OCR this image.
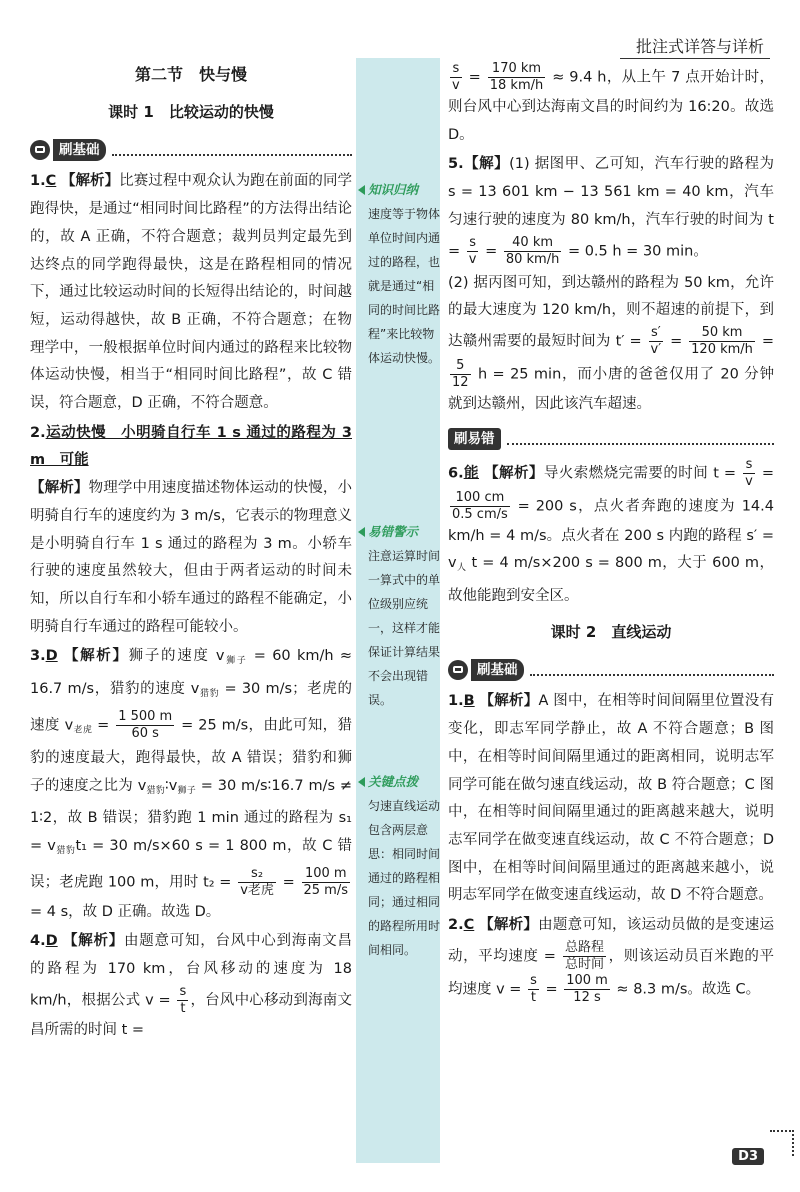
批注式详答与详析
第二节　快与慢
课时 1　比较运动的快慢
刷基础

1.C 【解析】比赛过程中观众认为跑在前面的同学跑得快，是通过“相同时间比路程”的方法得出结论的，故 A 正确，不符合题意；裁判员判定最先到达终点的同学跑得最快，这是在路程相同的情况下，通过比较运动时间的长短得出结论的，时间越短，运动得越快，故 B 正确，不符合题意；在物理学中，一般根据单位时间内通过的路程来比较物体运动快慢，相当于“相同时间比路程”，故 C 错误，符合题意，D 正确，不符合题意。

2.运动快慢　小明骑自行车 1 s 通过的路程为 3 m　可能
【解析】物理学中用速度描述物体运动的快慢，小明骑自行车的速度约为 3 m/s，它表示的物理意义是小明骑自行车 1 s 通过的路程为 3 m。小轿车行驶的速度虽然较大，但由于两者运动的时间未知，所以自行车和小轿车通过的路程不能确定，小明骑自行车通过的路程可能较小。

3.D 【解析】狮子的速度 $v_{狮子} = 60$ km/h ≈ 16.7 m/s，猎豹的速度 $v_{猎豹} = 30$ m/s；老虎的速度 $v_{老虎} = \frac{1 500 m}{60 s} = 25$ m/s，由此可知，猎豹的速度最大，跑得最快，故 A 错误；猎豹和狮子的速度之比为 $v_{猎豹}∶v_{狮子} = 30$ m/s∶16.7 m/s ≠ 1∶2，故 B 错误；猎豹跑 1 min 通过的路程为 $s_1 = v_{猎豹}t_1 = 30$ m/s×60 s = 1 800 m，故 C 错误；老虎跑 100 m，用时 $t_2 = \frac{\text{s₂}}{\text{v老虎}} = \frac{100 m}{25 m/s}$
= 4 s，故 D 正确。故选 D。

4.D 【解析】由题意可知，台风中心到海南文昌的路程为 170 km，台风移动的速度为 18 km/h，根据公式 $v = \frac{s}{t}$ ，台风中心移动到海南文昌所需的时间 t =

知识归纳
速度等于物体单位时间内通过的路程，也就是通过“相同的时间比路程”来比较物体运动快慢。
易错警示
注意运算时间一算式中的单位级别应统一，这样才能保证计算结果不会出现错误。
关键点拨
匀速直线运动包含两层意思：相同时间通过的路程相同；通过相同的路程所用时间相同。

$\frac{s}{v} = \frac{170 km}{18 km/h} \approx 9.4$ h，从上午 7 点开始计时，则台风中心到达海南文昌的时间约为 16:20。故选 D。

5.【解】(1) 据图甲、乙可知，汽车行驶的路程为 s = 13 601 km − 13 561 km = 40 km，汽车匀速行驶的速度为 80 km/h，汽车行驶的时间为 $t = \frac{s}{v} = \frac{40 km}{80 km/h} = 0.5$ h = 30 min。

(2) 据丙图可知，到达赣州的路程为 50 km，允许的最大速度为 120 km/h，则不超速的前提下，到达赣州需要的最短时间为 $t' = \frac{s'}{v'} = \frac{50 km}{120 km/h}$ =
$\frac{5}{12}$ h = 25 min，而小唐的爸爸仅用了 20 分钟就到达赣州，因此该汽车超速。

刷易错

6.能 【解析】导火索燃烧完需要的时间 $t = \frac{s}{v}$ =
$\frac{100 cm}{0.5 cm/s} = 200$ s，点火者奔跑的速度为 14.4 km/h = 4 m/s。点火者在 200 s 内跑的路程 $s' = v_人$ t = 4 m/s×200 s = 800 m，大于 600 m，故他能跑到安全区。

课时 2　直线运动
刷基础

1.B 【解析】A 图中，在相等时间间隔里位置没有变化，即志军同学静止，故 A 不符合题意；B 图中，在相等时间间隔里通过的距离相同，说明志军同学可能在做匀速直线运动，故 B 符合题意；C 图中，在相等时间间隔里通过的距离越来越大，说明志军同学在做变速直线运动，故 C 不符合题意；D 图中，在相等时间间隔里通过的距离越来越小，说明志军同学在做变速直线运动，故 D 不符合题意。

2.C 【解析】由题意可知，该运动员做的是变速运动，平均速度 = $\frac{\text{总路程}}{\text{总时间}}$ ，则该运动员百米跑的平均速度 $v = \frac{s}{t} = \frac{100 m}{12 s} \approx 8.3$ m/s。故选 C。

D3
